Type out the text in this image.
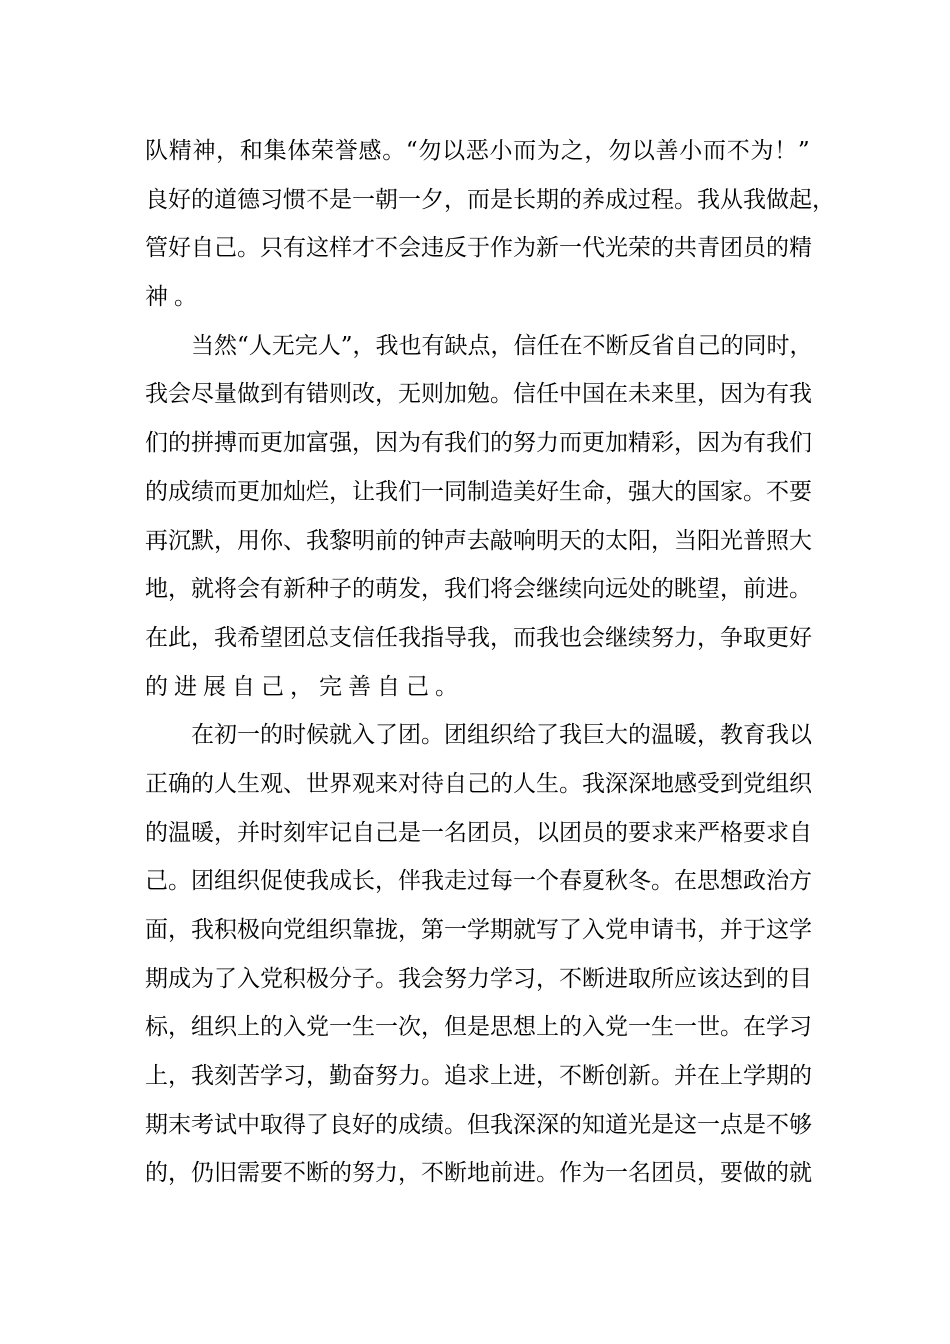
队 精 神 ， 和 集 体 荣 誉 感 。 “ 勿 以 恶 小 而 为 之 ， 勿 以 善 小 而 不 为 ！ ”
良 好 的 道 德 习 惯 不 是 一 朝 一 夕 ， 而 是 长 期 的 养 成 过 程 。 我 从 我 做 起 ，
管 好 自 己 。 只 有 这 样 才 不 会 违 反 于 作 为 新 一 代 光 荣 的 共 青 团 员 的 精
神。
当 然 “ 人 无 完 人 ” ， 我 也 有 缺 点 ， 信 任 在 不 断 反 省 自 己 的 同 时 ，
我 会 尽 量 做 到 有 错 则 改 ， 无 则 加 勉 。 信 任 中 国 在 未 来 里 ， 因 为 有 我
们 的 拼 搏 而 更 加 富 强 ， 因 为 有 我 们 的 努 力 而 更 加 精 彩 ， 因 为 有 我 们
的 成 绩 而 更 加 灿 烂 ， 让 我 们 一 同 制 造 美 好 生 命 ， 强 大 的 国 家 。 不 要
再 沉 默 ， 用 你 、 我 黎 明 前 的 钟 声 去 敲 响 明 天 的 太 阳 ， 当 阳 光 普 照 大
地 ， 就 将 会 有 新 种 子 的 萌 发 ， 我 们 将 会 继 续 向 远 处 的 眺 望 ， 前 进 。
在 此 ， 我 希 望 团 总 支 信 任 我 指 导 我 ， 而 我 也 会 继 续 努 力 ， 争 取 更 好
的进展自己，完善自己。
在 初 一 的 时 候 就 入 了 团 。 团 组 织 给 了 我 巨 大 的 温 暖 ， 教 育 我 以
正 确 的 人 生 观 、 世 界 观 来 对 待 自 己 的 人 生 。 我 深 深 地 感 受 到 党 组 织
的 温 暖 ， 并 时 刻 牢 记 自 己 是 一 名 团 员 ， 以 团 员 的 要 求 来 严 格 要 求 自
己 。 团 组 织 促 使 我 成 长 ， 伴 我 走 过 每 一 个 春 夏 秋 冬 。 在 思 想 政 治 方
面 ， 我 积 极 向 党 组 织 靠 拢 ， 第 一 学 期 就 写 了 入 党 申 请 书 ， 并 于 这 学
期 成 为 了 入 党 积 极 分 子 。 我 会 努 力 学 习 ， 不 断 进 取 所 应 该 达 到 的 目
标 ， 组 织 上 的 入 党 一 生 一 次 ， 但 是 思 想 上 的 入 党 一 生 一 世 。 在 学 习
上 ， 我 刻 苦 学 习 ， 勤 奋 努 力 。 追 求 上 进 ， 不 断 创 新 。 并 在 上 学 期 的
期 末 考 试 中 取 得 了 良 好 的 成 绩 。 但 我 深 深 的 知 道 光 是 这 一 点 是 不 够
的 ， 仍 旧 需 要 不 断 的 努 力 ， 不 断 地 前 进 。 作 为 一 名 团 员 ， 要 做 的 就
